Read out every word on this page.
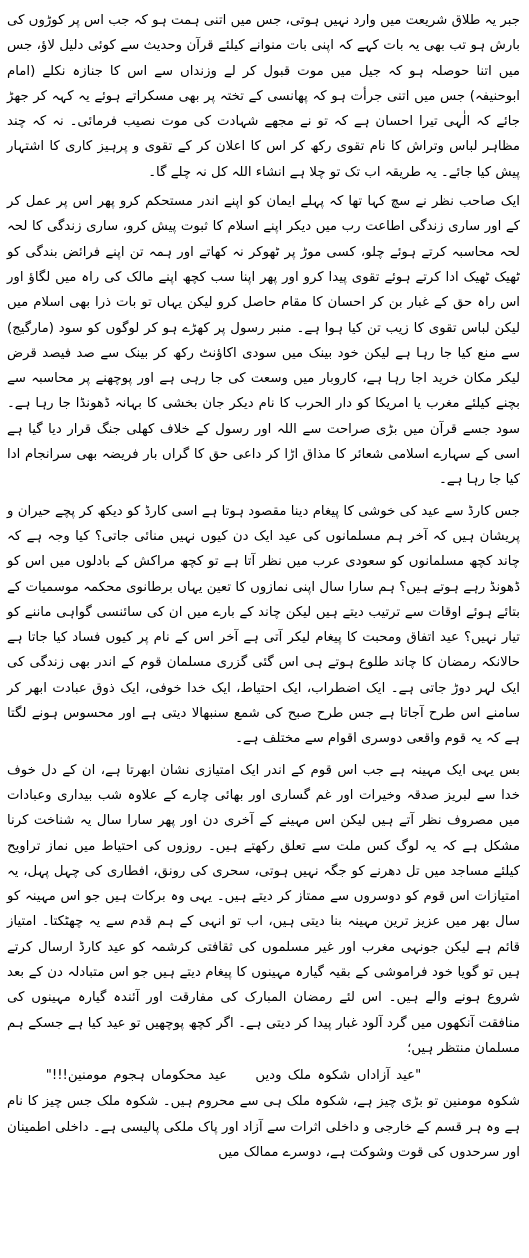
جبر یہ طلاق شریعت میں وارد نہیں ہوتی، جس میں اتنی ہمت ہو کہ جب اس پر کوڑوں کی بارش ہو تب بھی یہ بات کہے کہ اپنی بات منوانے کیلئے قرآن وحدیث سے کوئی دلیل لاؤ، جس میں اتنا حوصلہ ہو کہ جیل میں موت قبول کر لے وزنداں سے اس کا جنازہ نکلے (امام ابوحنیفہ) جس میں اتنی جرأت ہو کہ پھانسی کے تختہ پر بھی مسکراتے ہوئے یہ کہہ کر جھڑ جائے کہ الٰہی تیرا احسان ہے کہ تو نے مجھے شہادت کی موت نصیب فرمائی۔ نہ کہ چند مظاہر لباس وتراش کا نام تقوی رکھ کر اس کا اعلان کر کے تقوی و پرہیز کاری کا اشتہار پیش کیا جائے۔ یہ طریقہ اب تک تو چلا ہے انشاء اللہ کل نہ چلے گا۔

ایک صاحب نظر نے سچ کہا تھا کہ پہلے ایمان کو اپنے اندر مستحکم کرو پھر اس پر عمل کر کے اور ساری زندگی اطاعت رب میں دیکر اپنے اسلام کا ثبوت پیش کرو، ساری زندگی کا لحہ لحہ محاسبہ کرتے ہوئے چلو، کسی موڑ پر ٹھوکر نہ کھاتے اور ہمہ تن اپنے فرائض بندگی کو ٹھیک ٹھیک ادا کرتے ہوئے تقوی پیدا کرو اور پھر اپنا سب کچھ اپنے مالک کی راہ میں لگاؤ اور اس راہ حق کے غبار بن کر احسان کا مقام حاصل کرو لیکن یہاں تو بات ذرا بھی اسلام میں لیکن لباس تقوی کا زیب تن کیا ہوا ہے۔ منبر رسول پر کھڑے ہو کر لوگوں کو سود (مارگیج) سے منع کیا جا رہا ہے لیکن خود بینک میں سودی اکاؤنٹ رکھ کر بینک سے صد فیصد قرض لیکر مکان خرید اجا رہا ہے، کاروبار میں وسعت کی جا رہی ہے اور پوچھنے پر محاسبہ سے بچنے کیلئے مغرب یا امریکا کو دار الحرب کا نام دیکر جان بخشی کا بہانہ ڈھونڈا جا رہا ہے۔ سود جسے قرآن میں بڑی صراحت سے اللہ اور رسول کے خلاف کھلی جنگ قرار دیا گیا ہے اسی کے سہارے اسلامی شعائر کا مذاق اڑا کر داعی حق کا گراں بار فریضہ بھی سرانجام ادا کیا جا رہا ہے۔

جس کارڈ سے عید کی خوشی کا پیغام دینا مقصود ہوتا ہے اسی کارڈ کو دیکھ کر پچے حیران و پریشان ہیں کہ آخر ہم مسلمانوں کی عید ایک دن کیوں نہیں منائی جاتی؟ کیا وجہ ہے کہ چاند کچھ مسلمانوں کو سعودی عرب میں نظر آتا ہے تو کچھ مراکش کے بادلوں میں اس کو ڈھونڈ رہے ہوتے ہیں؟ ہم سارا سال اپنی نمازوں کا تعین یہاں برطانوی محکمہ موسمیات کے بتائے ہوئے اوقات سے ترتیب دیتے ہیں لیکن چاند کے بارے میں ان کی سائنسی گواہی ماننے کو تیار نہیں؟ عید اتفاق ومحبت کا پیغام لیکر آتی ہے آخر اس کے نام پر کیوں فساد کیا جاتا ہے حالانکہ رمضان کا چاند طلوع ہوتے ہی اس گئی گزری مسلمان قوم کے اندر بھی زندگی کی ایک لہر دوڑ جاتی ہے۔ ایک اضطراب، ایک احتیاط، ایک خدا خوفی، ایک ذوق عبادت ابھر کر سامنے اس طرح آجاتا ہے جس طرح صبح کی شمع سنبھالا دیتی ہے اور محسوس ہونے لگتا ہے کہ یہ قوم واقعی دوسری اقوام سے مختلف ہے۔

بس یہی ایک مہینہ ہے جب اس قوم کے اندر ایک امتیازی نشان ابھرتا ہے، ان کے دل خوف خدا سے لبریز صدقہ وخیرات اور غم گساری اور بھائی چارے کے علاوہ شب بیداری وعبادات میں مصروف نظر آتے ہیں لیکن اس مہینے کے آخری دن اور پھر سارا سال یہ شناخت کرنا مشکل ہے کہ یہ لوگ کس ملت سے تعلق رکھتے ہیں۔ روزوں کی احتیاط میں نماز تراویح کیلئے مساجد میں تل دھرنے کو جگہ نہیں ہوتی، سحری کی رونق، افطاری کی چہل پہل، یہ امتیازات اس قوم کو دوسروں سے ممتاز کر دیتے ہیں۔ یہی وہ برکات ہیں جو اس مہینہ کو سال بھر میں عزیز ترین مہینہ بنا دیتی ہیں، اب تو انہی کے ہم قدم سے یہ چھٹکتا۔ امتیاز قائم ہے لیکن جونہی مغرب اور غیر مسلموں کی ثقافتی کرشمہ کو عید کارڈ ارسال کرتے ہیں تو گویا خود فراموشی کے بقیہ گیارہ مہینوں کا پیغام دیتے ہیں جو اس متبادلہ دن کے بعد شروع ہونے والے ہیں۔ اس لئے رمضان المبارک کی مفارقت اور آئندہ گیارہ مہینوں کی منافقت آنکھوں میں گرد آلود غبار پیدا کر دیتی ہے۔ اگر کچھ پوچھیں تو عید کیا ہے جسکے ہم مسلمان منتظر ہیں؛

"عید آزاداں شکوہ ملک ودیں عید محکوماں ہجوم مومنین!!!"

شکوہ مومنین تو بڑی چیز ہے، شکوہ ملک ہی سے محروم ہیں۔ شکوہ ملک جس چیز کا نام ہے وہ ہر قسم کے خارجی و داخلی اثرات سے آزاد اور پاک ملکی پالیسی ہے۔ داخلی اطمینان اور سرحدوں کی قوت وشوکت ہے، دوسرے ممالک میں
